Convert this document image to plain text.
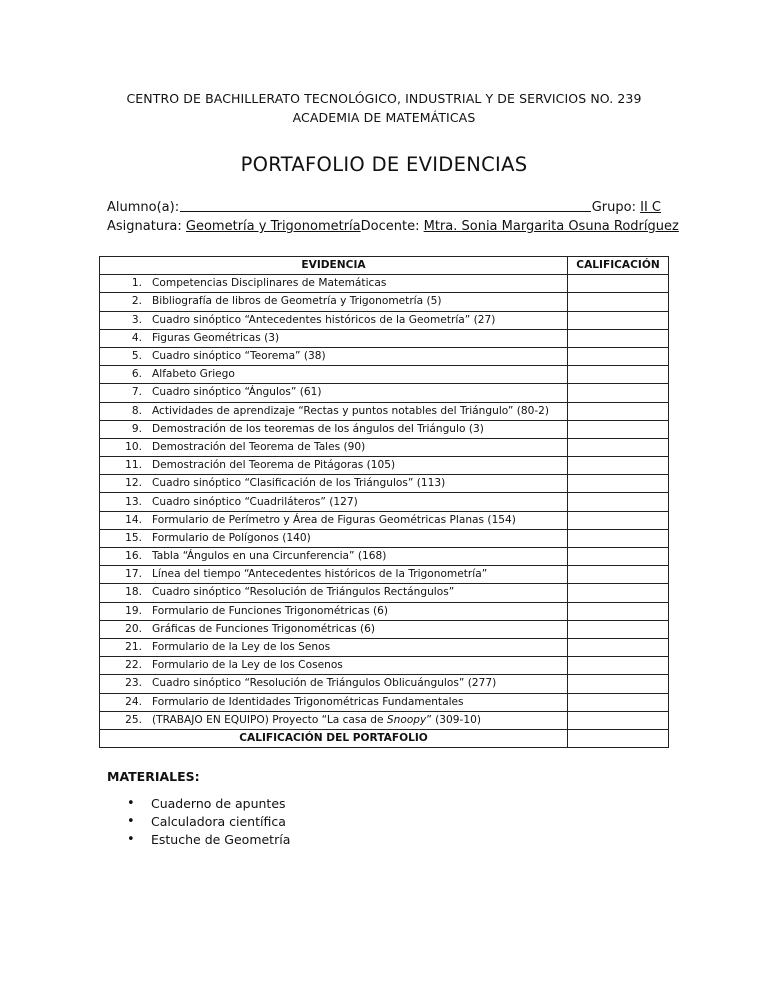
CENTRO DE BACHILLERATO TECNOLÓGICO, INDUSTRIAL Y DE SERVICIOS NO. 239
ACADEMIA DE MATEMÁTICAS
PORTAFOLIO DE EVIDENCIAS
Alumno(a):	Grupo:
II C
Asignatura:
Geometría y Trigonometría Docente:
Mtra. Sonia Margarita Osuna Rodríguez
EVIDENCIA	CALIFICACIÓN
1. Competencias Disciplinares de Matemáticas	
2. Bibliografía de libros de Geometría y Trigonometría (5)	
3. Cuadro sinóptico “Antecedentes históricos de la Geometría” (27)	
4. Figuras Geométricas (3)	
5. Cuadro sinóptico “Teorema” (38)	
6. Alfabeto Griego	
7. Cuadro sinóptico “Ángulos” (61)	
8. Actividades de aprendizaje “Rectas y puntos notables del Triángulo” (80-2)	
9. Demostración de los teoremas de los ángulos del Triángulo (3)	
10. Demostración del Teorema de Tales (90)	
11. Demostración del Teorema de Pitágoras (105)	
12. Cuadro sinóptico “Clasificación de los Triángulos” (113)	
13. Cuadro sinóptico “Cuadriláteros” (127)	
14. Formulario de Perímetro y Área de Figuras Geométricas Planas (154)	
15. Formulario de Polígonos (140)	
16. Tabla “Ángulos en una Circunferencia” (168)	
17. Línea del tiempo “Antecedentes históricos de la Trigonometría”	
18. Cuadro sinóptico “Resolución de Triángulos Rectángulos”	
19. Formulario de Funciones Trigonométricas (6)	
20. Gráficas de Funciones Trigonométricas (6)	
21. Formulario de la Ley de los Senos	
22. Formulario de la Ley de los Cosenos	
23. Cuadro sinóptico “Resolución de Triángulos Oblicuángulos” (277)	
24. Formulario de Identidades Trigonométricas Fundamentales	
25. (TRABAJO EN EQUIPO) Proyecto “La casa de Snoopy” (309-10)	
CALIFICACIÓN DEL PORTAFOLIO	
MATERIALES:
•	Cuaderno de apuntes
•	Calculadora científica
•	Estuche de Geometría
